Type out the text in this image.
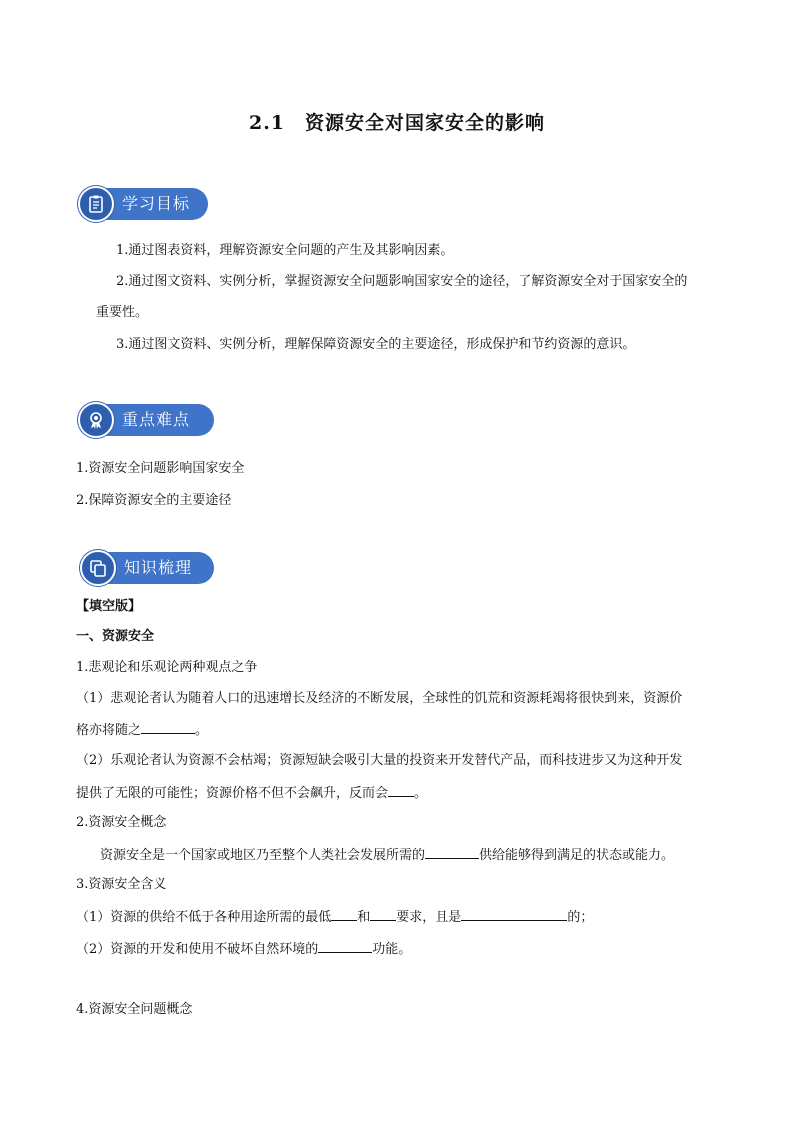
2.1　资源安全对国家安全的影响
学习目标
1.通过图表资料，理解资源安全问题的产生及其影响因素。
2.通过图文资料、实例分析，掌握资源安全问题影响国家安全的途径，了解资源安全对于国家安全的
重要性。
3.通过图文资料、实例分析，理解保障资源安全的主要途径，形成保护和节约资源的意识。
重点难点
1.资源安全问题影响国家安全
2.保障资源安全的主要途径
知识梳理
【填空版】
一、资源安全
1.悲观论和乐观论两种观点之争
（1）悲观论者认为随着人口的迅速增长及经济的不断发展，全球性的饥荒和资源耗竭将很快到来，资源价
格亦将随之	。
（2）乐观论者认为资源不会枯竭；资源短缺会吸引大量的投资来开发替代产品，而科技进步又为这种开发
提供了无限的可能性；资源价格不但不会飙升，反而会 。
2.资源安全概念
资源安全是一个国家或地区乃至整个人类社会发展所需的	供给能够得到满足的状态或能力。
3.资源安全含义
（1）资源的供给不低于各种用途所需的最低 和 要求，且是	的；
（2）资源的开发和使用不破坏自然环境的	功能。
4.资源安全问题概念
